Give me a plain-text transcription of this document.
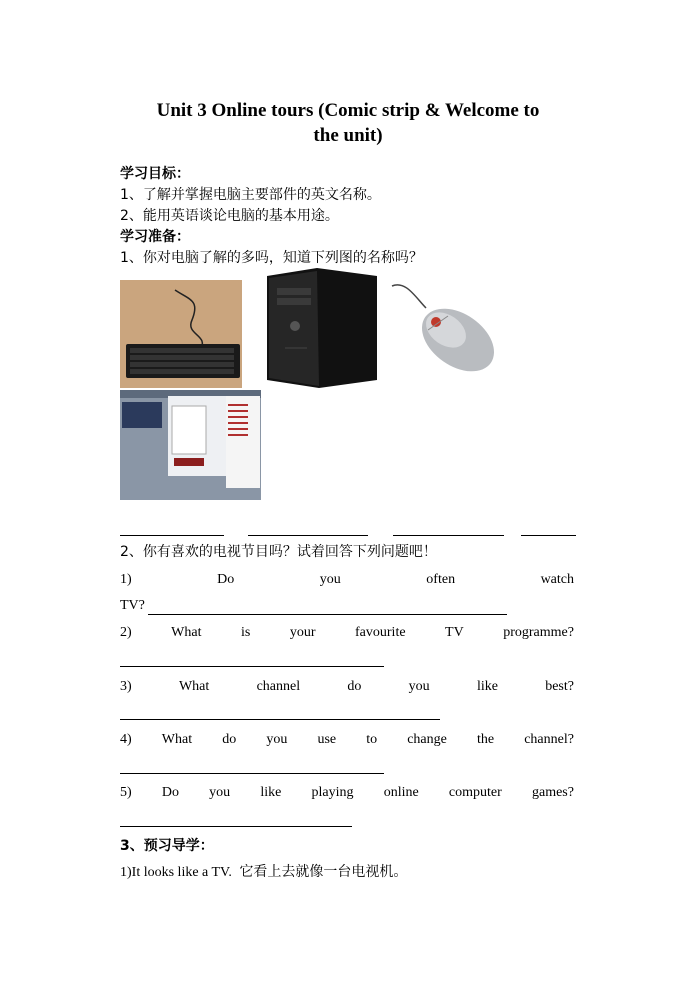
Unit 3 Online tours (Comic strip & Welcome to
the unit)
学习目标：
1、了解并掌握电脑主要部件的英文名称。
2、能用英语谈论电脑的基本用途。
学习准备：
1、你对电脑了解的多吗，知道下列图的名称吗？
2、你有喜欢的电视节目吗？试着回答下列问题吧！
1)	Do	you	often	watch
TV?
2)	What	is	your	favourite	TV	programme?
3)	What	channel	do	you	like	best?
4) What do you use to change the channel?
5) Do you like playing online computer games?
3、预习导学：
1)It looks like a TV. 它看上去就像一台电视机。
